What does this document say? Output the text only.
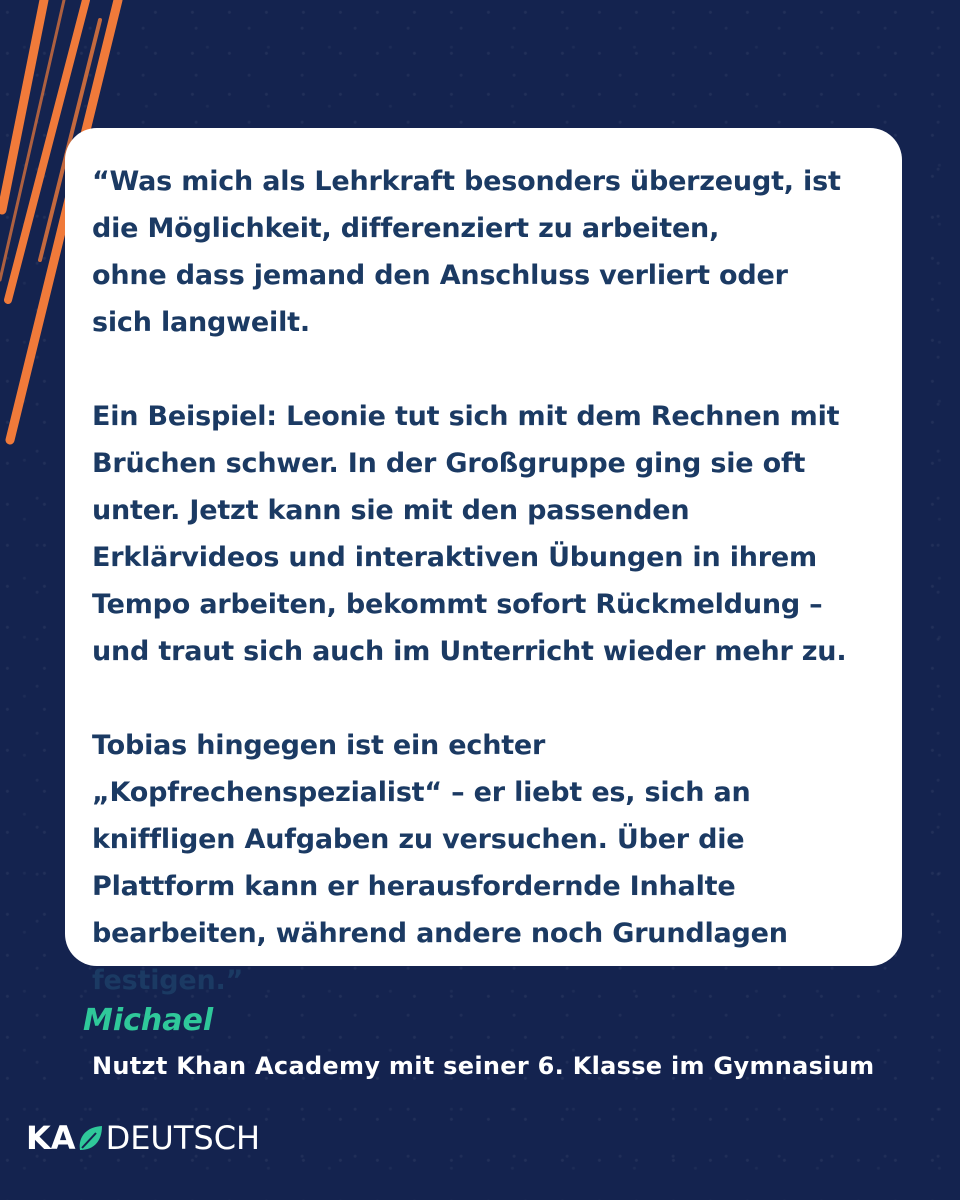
“Was mich als Lehrkraft besonders überzeugt, ist
die Möglichkeit, differenziert zu arbeiten,
ohne dass jemand den Anschluss verliert oder
sich langweilt.

Ein Beispiel: Leonie tut sich mit dem Rechnen mit
Brüchen schwer. In der Großgruppe ging sie oft
unter. Jetzt kann sie mit den passenden
Erklärvideos und interaktiven Übungen in ihrem
Tempo arbeiten, bekommt sofort Rückmeldung –
und traut sich auch im Unterricht wieder mehr zu.

Tobias hingegen ist ein echter
„Kopfrechenspezialist“ – er liebt es, sich an
kniffligen Aufgaben zu versuchen. Über die
Plattform kann er herausfordernde Inhalte
bearbeiten, während andere noch Grundlagen
festigen.”

Michael

Nutzt Khan Academy mit seiner 6. Klasse im Gymnasium

KA DEUTSCH
